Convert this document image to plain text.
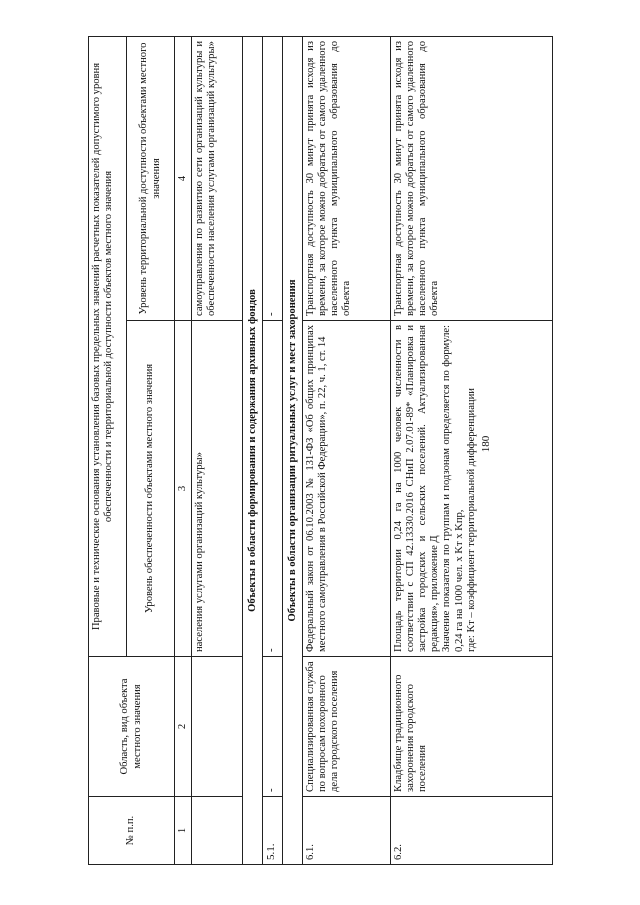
180
№ п.п.	Область, вид объекта местного значения	Правовые и технические основания установления базовых предельных значений расчетных показателей допустимого уровня обеспеченности и территориальной доступности объектов местного значения	
		Уровень обеспеченности объектами местного значения	Уровень территориальной доступности объектами местного значения
1	2	3	4
		населения услугами организаций культуры»	самоуправления по развитию сети организаций культуры и обеспеченности населения услугами организаций культуры»
Объекты в области формирования и содержания архивных фондов			
5.1.	-	-	-
Объекты в области организации ритуальных услуг и мест захоронения			
6.1.	Специализированная служба по вопросам похоронного дела городского поселения	Федеральный закон от 06.10.2003 № 131-ФЗ «Об общих принципах местного самоуправления в Российской Федерации», п. 22, ч. 1, ст. 14	Транспортная доступность 30 минут принята исходя из времени, за которое можно добраться от самого удаленного населенного пункта муниципального образования до объекта
6.2.	Кладбище традиционного захоронения городского поселения	Площадь территории 0,24 га на 1000 человек численности в соответствии с СП 42.13330.2016 СНиП 2.07.01-89* «Планировка и застройка городских и сельских поселений. Актуализированная редакция», приложение Д Значение показателя по группам и подзонам определяется по формуле: 0,24 га на 1000 чел. х Kт х Kпр, где: Kт – коэффициент территориальной дифференциации	Транспортная доступность 30 минут принята исходя из времени, за которое можно добраться от самого удаленного населенного пункта муниципального образования до объекта
